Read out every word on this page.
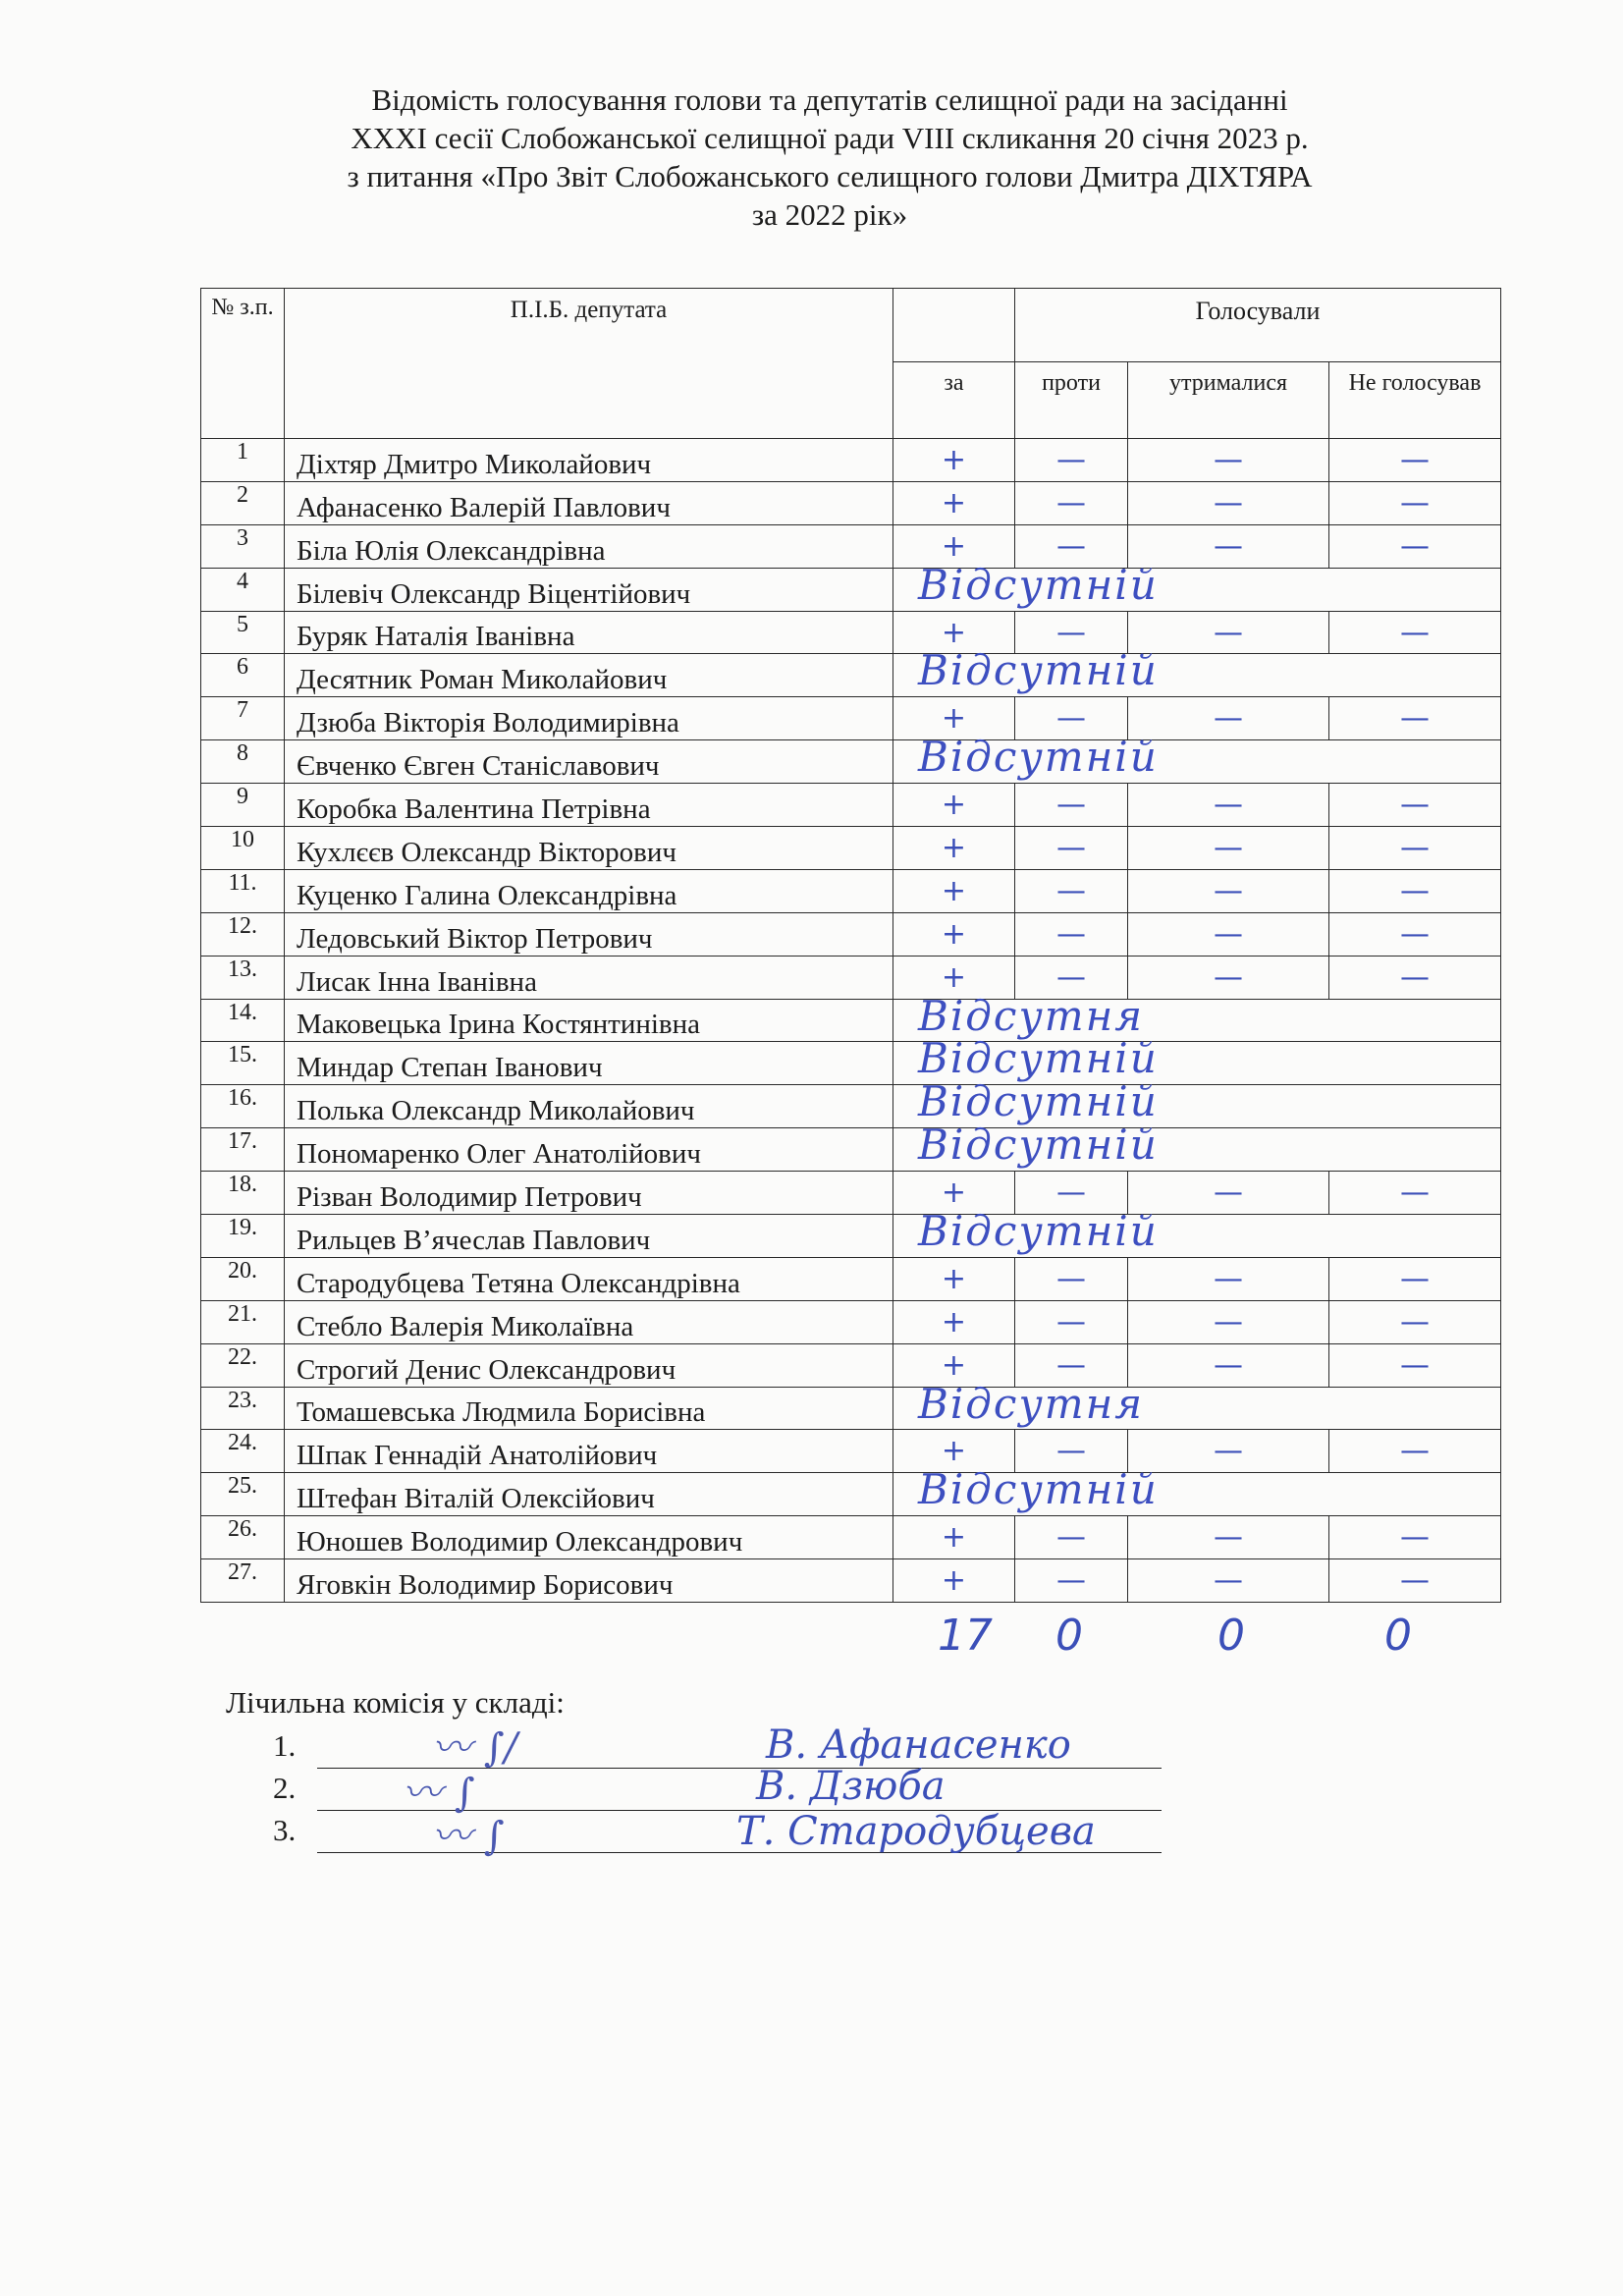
Відомість голосування голови та депутатів селищної ради на засіданні
XXXI сесії Слобожанської селищної ради VIII скликання 20 січня 2023 р.
з питання «Про Звіт Слобожанського селищного голови Дмитра ДІХТЯРА
за 2022 рік»
№ з.п.	П.І.Б. депутата		Голосували		
		за	проти	утрималися	Не голосував
1	Діхтяр Дмитро Миколайович	+	—	—	—
2	Афанасенко Валерій Павлович	+	—	—	—
3	Біла Юлія Олександрівна	+	—	—	—
4	Білевіч Олександр Віцентійович	Відсутній			

5	Буряк Наталія Іванівна	+	—	—	—
6	Десятник Роман Миколайович	Відсутній			

7	Дзюба Вікторія Володимирівна	+	—	—	—
8	Євченко Євген Станіславович	Відсутній			

9	Коробка Валентина Петрівна	+	—	—	—
10	Кухлєєв Олександр Вікторович	+	—	—	—
11.	Куценко Галина Олександрівна	+	—	—	—
12.	Ледовський Віктор Петрович	+	—	—	—
13.	Лисак Інна Іванівна	+	—	—	—
14.	Маковецька Ірина Костянтинівна	Відсутня			

15.	Миндар Степан Іванович	Відсутній			

16.	Полька Олександр Миколайович	Відсутній			

17.	Пономаренко Олег Анатолійович	Відсутній			

18.	Різван Володимир Петрович	+	—	—	—
19.	Рильцев В’ячеслав Павлович	Відсутній			

20.	Стародубцева Тетяна Олександрівна	+	—	—	—
21.	Стебло Валерія Миколаївна	+	—	—	—
22.	Строгий Денис Олександрович	+	—	—	—
23.	Томашевська Людмила Борисівна	Відсутня			

24.	Шпак Геннадій Анатолійович	+	—	—	—
25.	Штефан Віталій Олексійович	Відсутній			

26.	Юношев Володимир Олександрович	+	—	—	—
27.	Яговкін Володимир Борисович	+	—	—	—
17 0	0	0
Лічильна комісія у складі:
1.	〰 ∫/	В. Афанасенко
2.	〰 ∫	В. Дзюба
3.	〰 ∫	Т. Стародубцева
